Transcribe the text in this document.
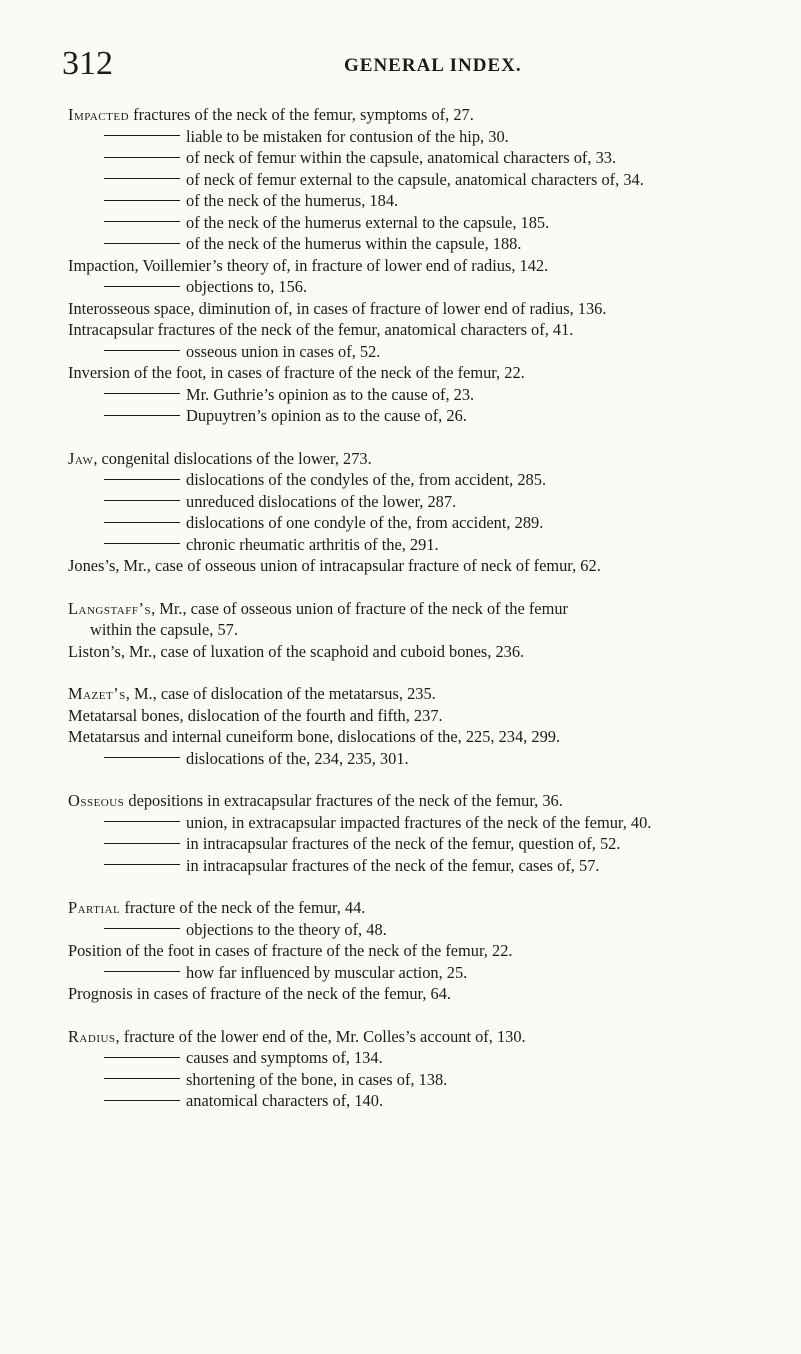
312	GENERAL INDEX.
Impacted fractures of the neck of the femur, symptoms of, 27.
liable to be mistaken for contusion of the hip, 30.
of neck of femur within the capsule, anatomical characters of, 33.
of neck of femur external to the capsule, anatomical characters of, 34.
of the neck of the humerus, 184.
of the neck of the humerus external to the capsule, 185.
of the neck of the humerus within the capsule, 188.
Impaction, Voillemier’s theory of, in fracture of lower end of radius, 142.
objections to, 156.
Interosseous space, diminution of, in cases of fracture of lower end of radius, 136.
Intracapsular fractures of the neck of the femur, anatomical characters of, 41.
osseous union in cases of, 52.
Inversion of the foot, in cases of fracture of the neck of the femur, 22.
Mr. Guthrie’s opinion as to the cause of, 23.
Dupuytren’s opinion as to the cause of, 26.
Jaw, congenital dislocations of the lower, 273.
dislocations of the condyles of the, from accident, 285.
unreduced dislocations of the lower, 287.
dislocations of one condyle of the, from accident, 289.
chronic rheumatic arthritis of the, 291.
Jones’s, Mr., case of osseous union of intracapsular fracture of neck of femur, 62.
Langstaff’s, Mr., case of osseous union of fracture of the neck of the femur
within the capsule, 57.
Liston’s, Mr., case of luxation of the scaphoid and cuboid bones, 236.
Mazet’s, M., case of dislocation of the metatarsus, 235.
Metatarsal bones, dislocation of the fourth and fifth, 237.
Metatarsus and internal cuneiform bone, dislocations of the, 225, 234, 299.
dislocations of the, 234, 235, 301.
Osseous depositions in extracapsular fractures of the neck of the femur, 36.
union, in extracapsular impacted fractures of the neck of the femur, 40.
in intracapsular fractures of the neck of the femur, question of, 52.
in intracapsular fractures of the neck of the femur, cases of, 57.
Partial fracture of the neck of the femur, 44.
objections to the theory of, 48.
Position of the foot in cases of fracture of the neck of the femur, 22.
how far influenced by muscular action, 25.
Prognosis in cases of fracture of the neck of the femur, 64.
Radius, fracture of the lower end of the, Mr. Colles’s account of, 130.
causes and symptoms of, 134.
shortening of the bone, in cases of, 138.
anatomical characters of, 140.
